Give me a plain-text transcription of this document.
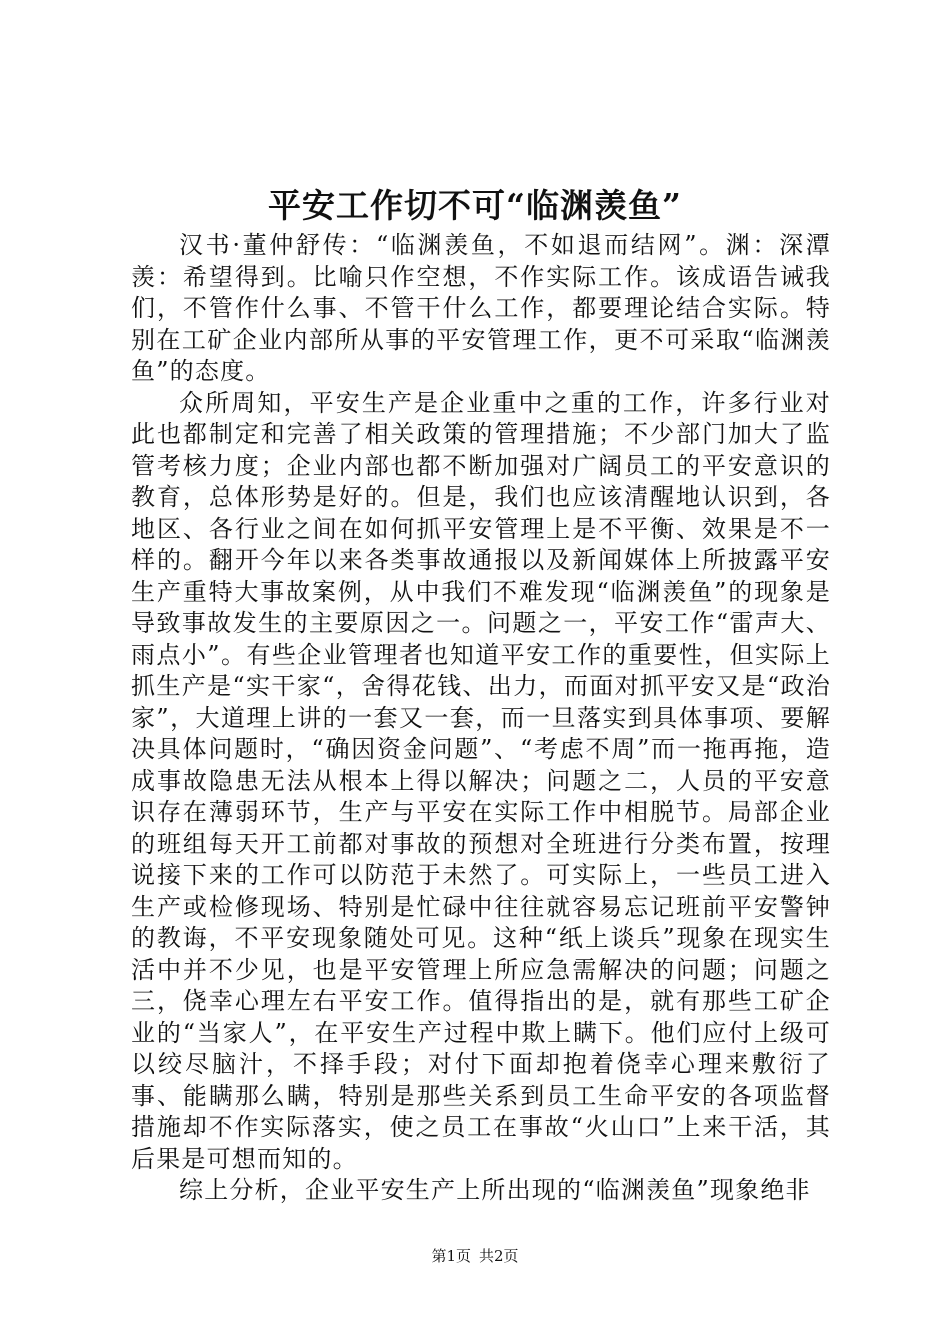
平安工作切不可“临渊羡鱼”

汉书·董仲舒传：“临渊羡鱼，不如退而结网”。渊：深潭羡：希望得到。比喻只作空想，不作实际工作。该成语告诫我们，不管作什么事、不管干什么工作，都要理论结合实际。特别在工矿企业内部所从事的平安管理工作，更不可采取“临渊羡鱼”的态度。

众所周知，平安生产是企业重中之重的工作，许多行业对此也都制定和完善了相关政策的管理措施；不少部门加大了监管考核力度；企业内部也都不断加强对广阔员工的平安意识的教育，总体形势是好的。但是，我们也应该清醒地认识到，各地区、各行业之间在如何抓平安管理上是不平衡、效果是不一样的。翻开今年以来各类事故通报以及新闻媒体上所披露平安生产重特大事故案例，从中我们不难发现“临渊羡鱼”的现象是导致事故发生的主要原因之一。问题之一，平安工作“雷声大、雨点小”。有些企业管理者也知道平安工作的重要性，但实际上抓生产是“实干家“，舍得花钱、出力，而面对抓平安又是“政治家”，大道理上讲的一套又一套，而一旦落实到具体事项、要解决具体问题时，“确因资金问题”、“考虑不周”而一拖再拖，造成事故隐患无法从根本上得以解决；问题之二，人员的平安意识存在薄弱环节，生产与平安在实际工作中相脱节。局部企业的班组每天开工前都对事故的预想对全班进行分类布置，按理说接下来的工作可以防范于未然了。可实际上，一些员工进入生产或检修现场、特别是忙碌中往往就容易忘记班前平安警钟的教诲，不平安现象随处可见。这种“纸上谈兵”现象在现实生活中并不少见，也是平安管理上所应急需解决的问题；问题之三，侥幸心理左右平安工作。值得指出的是，就有那些工矿企业的“当家人”，在平安生产过程中欺上瞒下。他们应付上级可以绞尽脑汁，不择手段；对付下面却抱着侥幸心理来敷衍了事、能瞒那么瞒，特别是那些关系到员工生命平安的各项监督措施却不作实际落实，使之员工在事故“火山口”上来干活，其后果是可想而知的。

综上分析，企业平安生产上所出现的“临渊羡鱼”现象绝非

第1页 共2页
